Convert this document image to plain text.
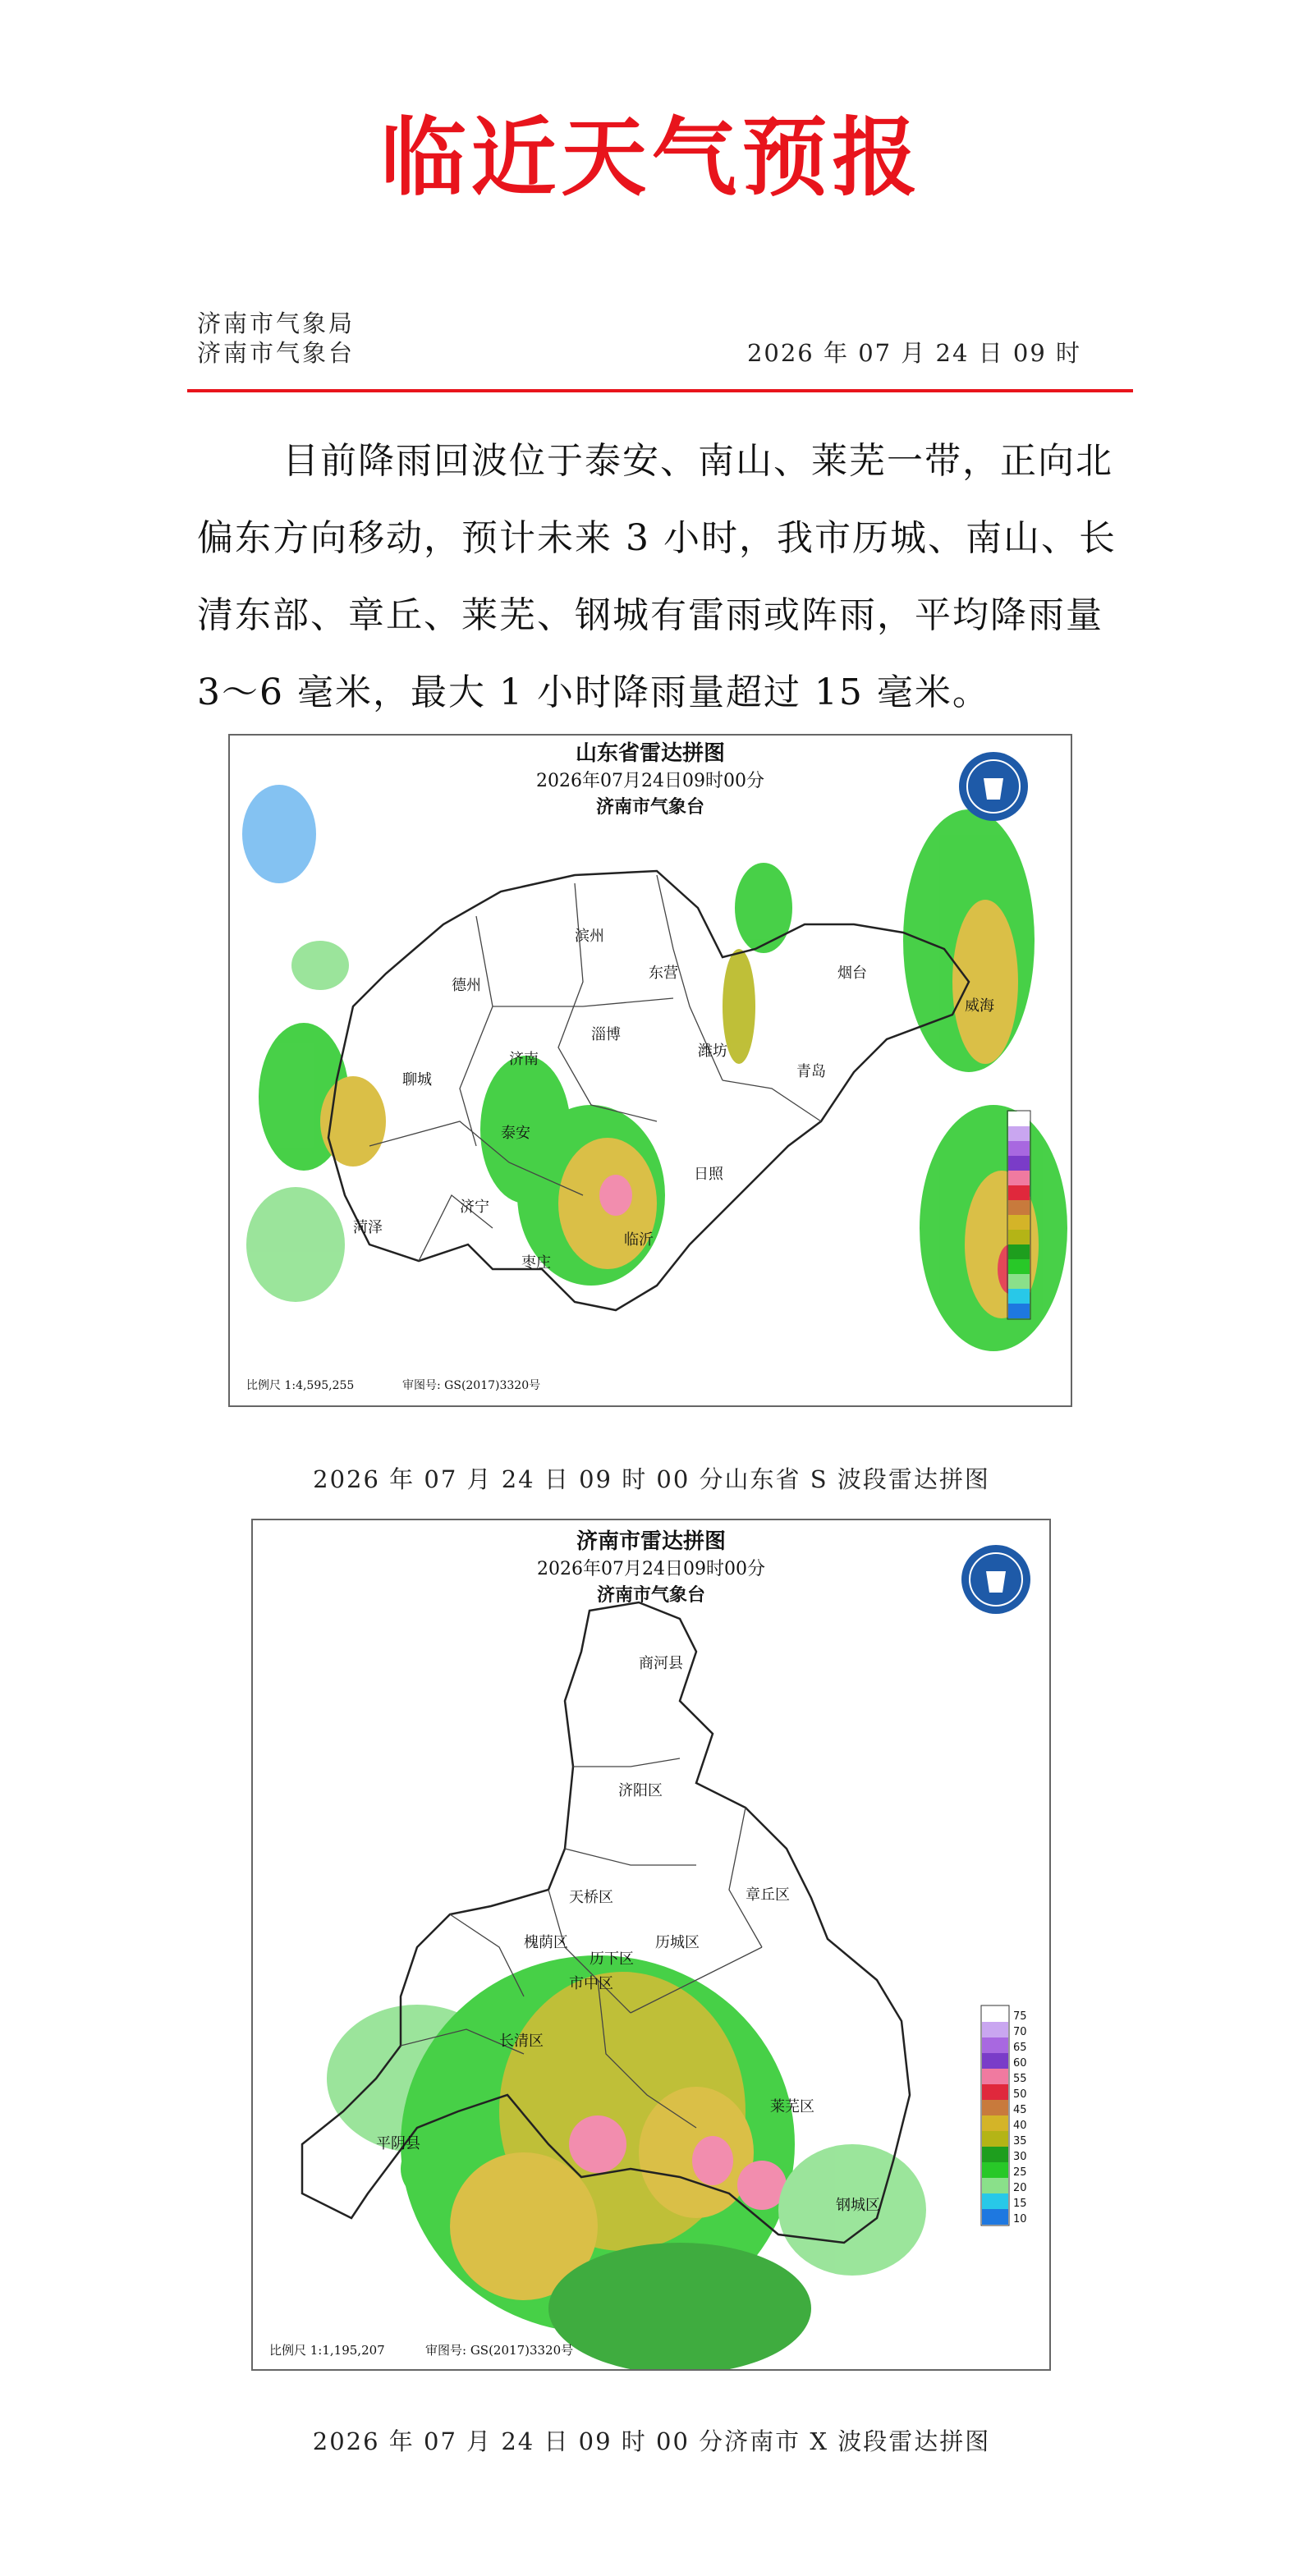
临近天气预报
济南市气象局
济南市气象台	2026 年 07 月 24 日 09 时
目前降雨回波位于泰安、南山、莱芜一带，正向北偏东方向移动，预计未来 3 小时，我市历城、南山、长清东部、章丘、莱芜、钢城有雷雨或阵雨，平均降雨量 3～6 毫米，最大 1 小时降雨量超过 15 毫米。
山东省雷达拼图
2026年07月24日09时00分
济南市气象台
滨州
东营	烟台
威海
德州
淄博
济南	潍坊
青岛
聊城
泰安
日照
菏泽
济宁
临沂
枣庄
比例尺 1:4,595,255	审图号: GS(2017)3320号
2026 年 07 月 24 日 09 时 00 分山东省 S 波段雷达拼图
济南市雷达拼图
2026年07月24日09时00分
济南市气象台
商河县
济阳区
天桥区	章丘区
槐荫区
历下区
历城区
市中区
长清区
莱芜区
平阴县
钢城区
75
70
65
60
55
50
45
40
35
30
25
20
15
10
比例尺 1:1,195,207	审图号: GS(2017)3320号
2026 年 07 月 24 日 09 时 00 分济南市 X 波段雷达拼图
